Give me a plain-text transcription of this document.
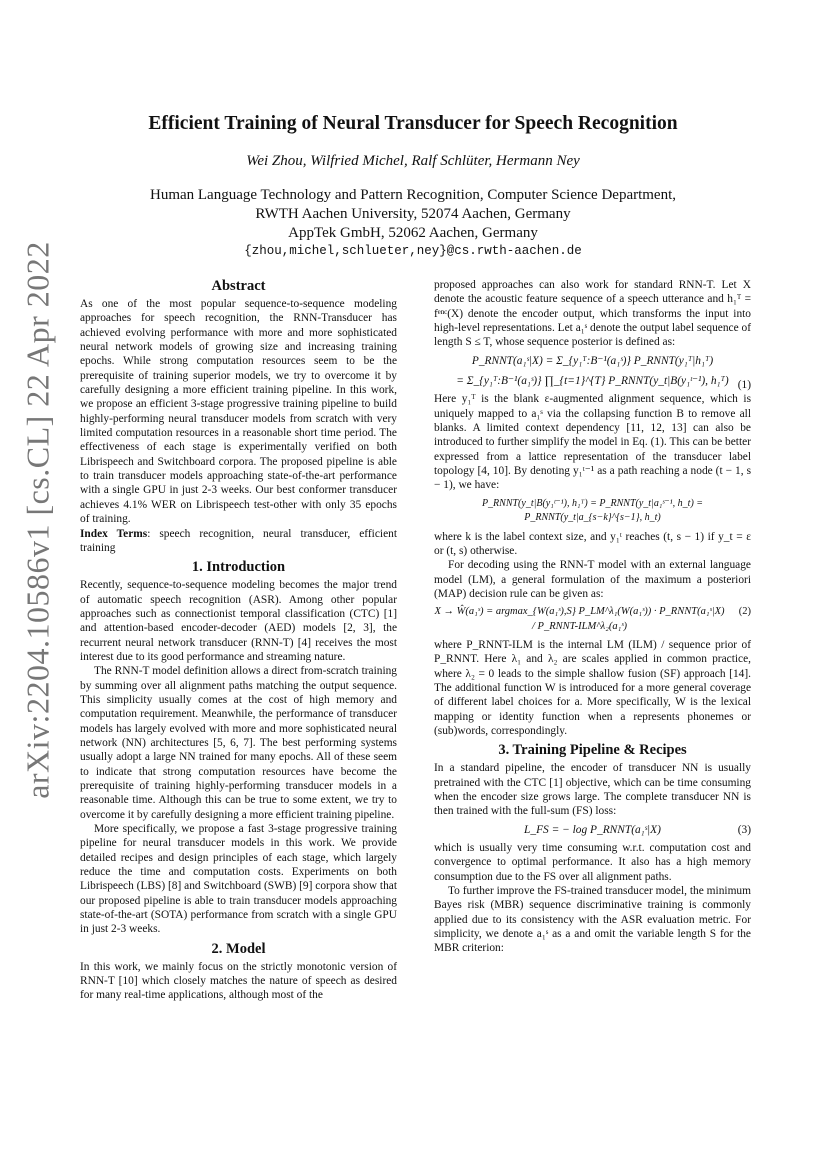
arXiv:2204.10586v1 [cs.CL] 22 Apr 2022
Efficient Training of Neural Transducer for Speech Recognition
Wei Zhou, Wilfried Michel, Ralf Schlüter, Hermann Ney
Human Language Technology and Pattern Recognition, Computer Science Department,
RWTH Aachen University, 52074 Aachen, Germany
AppTek GmbH, 52062 Aachen, Germany
{zhou,michel,schlueter,ney}@cs.rwth-aachen.de
Abstract

As one of the most popular sequence-to-sequence modeling approaches for speech recognition, the RNN-Transducer has achieved evolving performance with more and more sophisticated neural network models of growing size and increasing training epochs. While strong computation resources seem to be the prerequisite of training superior models, we try to overcome it by carefully designing a more efficient training pipeline. In this work, we propose an efficient 3-stage progressive training pipeline to build highly-performing neural transducer models from scratch with very limited computation resources in a reasonable short time period. The effectiveness of each stage is experimentally verified on both Librispeech and Switchboard corpora. The proposed pipeline is able to train transducer models approaching state-of-the-art performance with a single GPU in just 2-3 weeks. Our best conformer transducer achieves 4.1% WER on Librispeech test-other with only 35 epochs of training.

Index Terms: speech recognition, neural transducer, efficient training

1. Introduction

Recently, sequence-to-sequence modeling becomes the major trend of automatic speech recognition (ASR). Among other popular approaches such as connectionist temporal classification (CTC) [1] and attention-based encoder-decoder (AED) models [2, 3], the recurrent neural network transducer (RNN-T) [4] receives the most interest due to its good performance and streaming nature.

The RNN-T model definition allows a direct from-scratch training by summing over all alignment paths matching the output sequence. This simplicity usually comes at the cost of high memory and computation requirement. Meanwhile, the performance of transducer models has largely evolved with more and more sophisticated neural network (NN) architectures [5, 6, 7]. The best performing systems usually adopt a large NN trained for many epochs. All of these seem to indicate that strong computation resources have become the prerequisite of training highly-performing transducer models in a reasonable time. Although this can be true to some extent, we try to overcome it by carefully designing a more efficient training pipeline.

More specifically, we propose a fast 3-stage progressive training pipeline for neural transducer models in this work. We provide detailed recipes and design principles of each stage, which largely reduce the time and computation costs. Experiments on both Librispeech (LBS) [8] and Switchboard (SWB) [9] corpora show that our proposed pipeline is able to train transducer models approaching state-of-the-art (SOTA) performance from scratch with a single GPU in just 2-3 weeks.

2. Model

In this work, we mainly focus on the strictly monotonic version of RNN-T [10] which closely matches the nature of speech as desired for many real-time applications, although most of the

proposed approaches can also work for standard RNN-T. Let X denote the acoustic feature sequence of a speech utterance and h₁ᵀ = fᵉⁿᶜ(X) denote the encoder output, which transforms the input into high-level representations. Let a₁ˢ denote the output label sequence of length S ≤ T, whose sequence posterior is defined as:

P_RNNT(a₁ˢ|X) = Σ_{y₁ᵀ:B⁻¹(a₁ˢ)} P_RNNT(y₁ᵀ|h₁ᵀ)
= Σ_{y₁ᵀ:B⁻¹(a₁ˢ)} ∏_{t=1}^{T} P_RNNT(y_t|B(y₁ᵗ⁻¹), h₁ᵀ) (1)

Here y₁ᵀ is the blank ε-augmented alignment sequence, which is uniquely mapped to a₁ˢ via the collapsing function B to remove all blanks. A limited context dependency [11, 12, 13] can also be introduced to further simplify the model in Eq. (1). This can be better expressed from a lattice representation of the transducer label topology [4, 10]. By denoting y₁ᵗ⁻¹ as a path reaching a node (t − 1, s − 1), we have:

P_RNNT(y_t|B(y₁ᵗ⁻¹), h₁ᵀ) = P_RNNT(y_t|a₁ˢ⁻¹, h_t) = P_RNNT(y_t|a_{s−k}^{s−1}, h_t)

where k is the label context size, and y₁ᵗ reaches (t, s − 1) if y_t = ε or (t, s) otherwise.

For decoding using the RNN-T model with an external language model (LM), a general formulation of the maximum a posteriori (MAP) decision rule can be given as:

X → Ŵ(a₁ˢ) = argmax_{W(a₁ˢ),S} P_LM^λ₁(W(a₁ˢ)) · P_RNNT(a₁ˢ|X) / P_RNNT-ILM^λ₂(a₁ˢ)
(2)

where P_RNNT-ILM is the internal LM (ILM) / sequence prior of P_RNNT. Here λ₁ and λ₂ are scales applied in common practice, where λ₂ = 0 leads to the simple shallow fusion (SF) approach [14]. The additional function W is introduced for a more general coverage of different label choices for a. More specifically, W is the lexical mapping or identity function when a represents phonemes or (sub)words, correspondingly.

3. Training Pipeline & Recipes

In a standard pipeline, the encoder of transducer NN is usually pretrained with the CTC [1] objective, which can be time consuming when the encoder size grows large. The complete transducer NN is then trained with the full-sum (FS) loss:

L_FS = − log P_RNNT(a₁ˢ|X)	(3)

which is usually very time consuming w.r.t. computation cost and convergence to optimal performance. It also has a high memory consumption due to the FS over all alignment paths.

To further improve the FS-trained transducer model, the minimum Bayes risk (MBR) sequence discriminative training is commonly applied due to its consistency with the ASR evaluation metric. For simplicity, we denote a₁ˢ as a and omit the variable length S for the MBR criterion:
